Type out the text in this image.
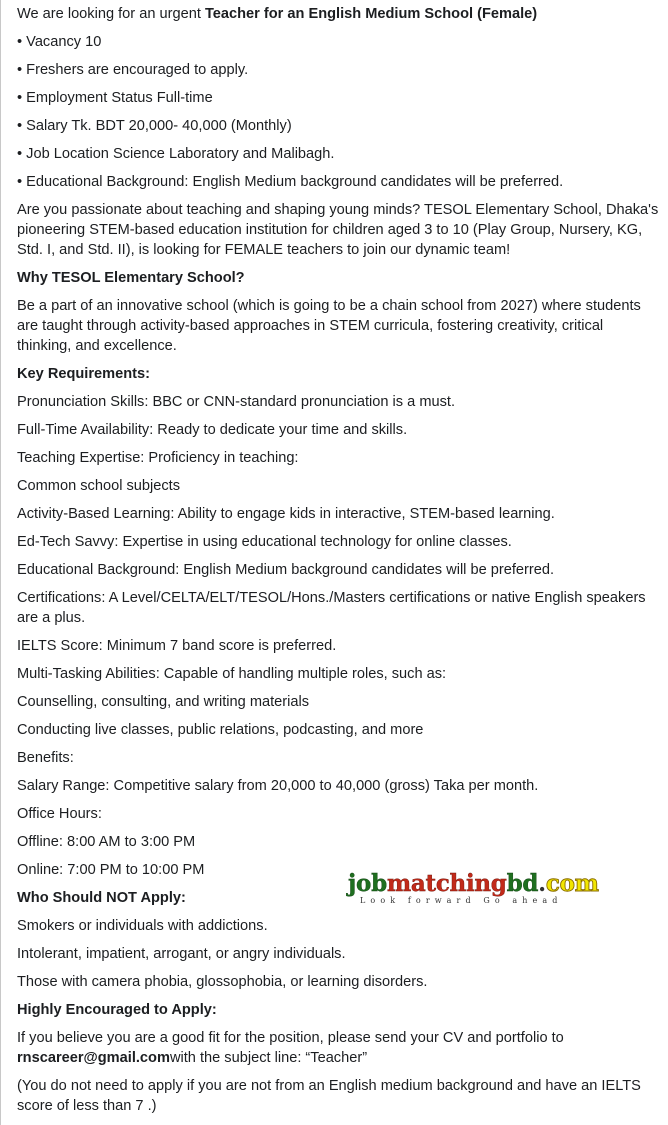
We are looking for an urgent Teacher for an English Medium School (Female)
• Vacancy 10
• Freshers are encouraged to apply.
• Employment Status Full-time
• Salary Tk. BDT 20,000- 40,000 (Monthly)
• Job Location Science Laboratory and Malibagh.
• Educational Background: English Medium background candidates will be preferred.
Are you passionate about teaching and shaping young minds? TESOL Elementary School, Dhaka's pioneering STEM-based education institution for children aged 3 to 10 (Play Group, Nursery, KG, Std. I, and Std. II), is looking for FEMALE teachers to join our dynamic team!
Why TESOL Elementary School?
Be a part of an innovative school (which is going to be a chain school from 2027) where students are taught through activity-based approaches in STEM curricula, fostering creativity, critical thinking, and excellence.
Key Requirements:
Pronunciation Skills: BBC or CNN-standard pronunciation is a must.
Full-Time Availability: Ready to dedicate your time and skills.
Teaching Expertise: Proficiency in teaching:
Common school subjects
Activity-Based Learning: Ability to engage kids in interactive, STEM-based learning.
Ed-Tech Savvy: Expertise in using educational technology for online classes.
Educational Background: English Medium background candidates will be preferred.
Certifications: A Level/CELTA/ELT/TESOL/Hons./Masters certifications or native English speakers are a plus.
IELTS Score: Minimum 7 band score is preferred.
Multi-Tasking Abilities: Capable of handling multiple roles, such as:
Counselling, consulting, and writing materials
Conducting live classes, public relations, podcasting, and more
Benefits:
Salary Range: Competitive salary from 20,000 to 40,000 (gross) Taka per month.
Office Hours:
Offline: 8:00 AM to 3:00 PM
Online: 7:00 PM to 10:00 PM
Who Should NOT Apply:
Smokers or individuals with addictions.
Intolerant, impatient, arrogant, or angry individuals.
Those with camera phobia, glossophobia, or learning disorders.
Highly Encouraged to Apply:
If you believe you are a good fit for the position, please send your CV and portfolio to rnscareer@gmail.comwith the subject line: “Teacher”
(You do not need to apply if you are not from an English medium background and have an IELTS score of less than 7 .)
jobmatchingbd.com
Look forward Go ahead
